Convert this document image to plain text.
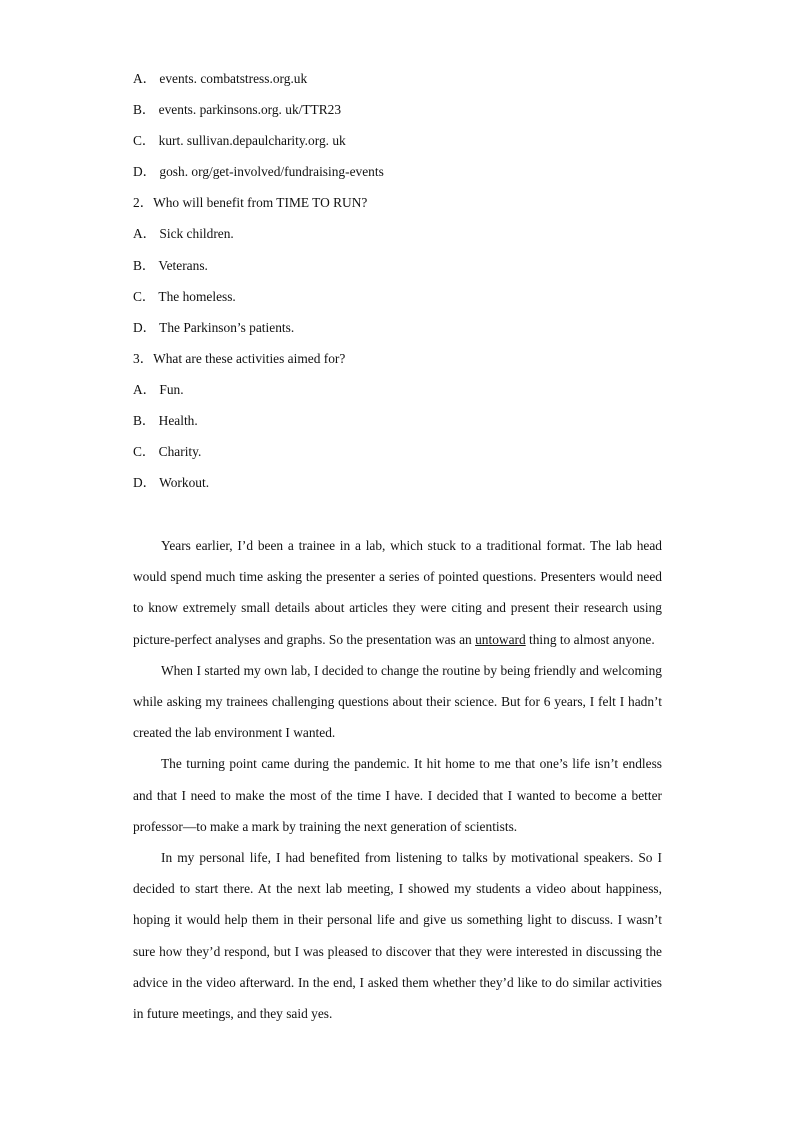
A． events. combatstress.org.uk
B． events. parkinsons.org. uk/TTR23
C． kurt. sullivan.depaulcharity.org. uk
D． gosh. org/get-involved/fundraising-events
2．Who will benefit from TIME TO RUN?
A． Sick children.
B． Veterans.
C． The homeless.
D． The Parkinson’s patients.
3．What are these activities aimed for?
A． Fun.
B． Health.
C． Charity.
D． Workout.

Years earlier, I’d been a trainee in a lab, which stuck to a traditional format. The lab head would spend much time asking the presenter a series of pointed questions. Presenters would need to know extremely small details about articles they were citing and present their research using picture-perfect analyses and graphs. So the presentation was an untoward thing to almost anyone.

When I started my own lab, I decided to change the routine by being friendly and welcoming while asking my trainees challenging questions about their science. But for 6 years, I felt I hadn’t created the lab environment I wanted.

The turning point came during the pandemic. It hit home to me that one’s life isn’t endless and that I need to make the most of the time I have. I decided that I wanted to become a better professor—to make a mark by training the next generation of scientists.

In my personal life, I had benefited from listening to talks by motivational speakers. So I decided to start there. At the next lab meeting, I showed my students a video about happiness, hoping it would help them in their personal life and give us something light to discuss. I wasn’t sure how they’d respond, but I was pleased to discover that they were interested in discussing the advice in the video afterward. In the end, I asked them whether they’d like to do similar activities in future meetings, and they said yes.
